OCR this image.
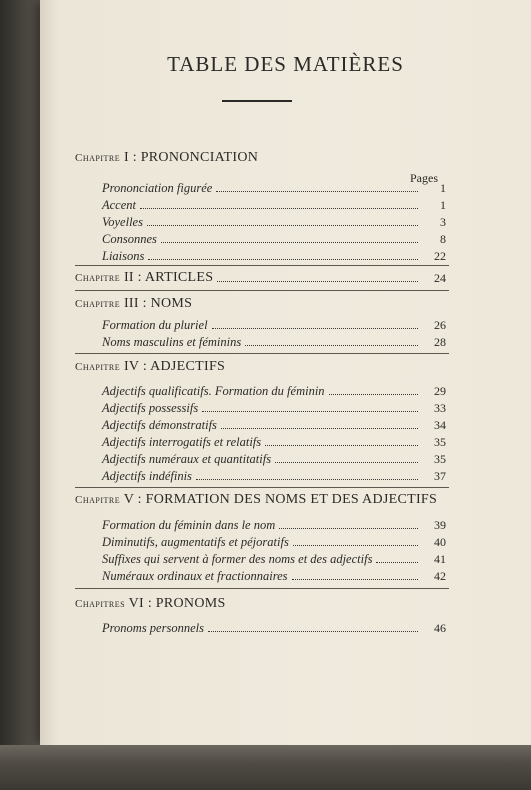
TABLE DES MATIÈRES
Chapitre I : PRONONCIATION
Pages
Prononciation figurée	1
Accent	1
Voyelles	3
Consonnes	8
Liaisons	22
Chapitre II : ARTICLES	24
Chapitre III : NOMS
Formation du pluriel	26
Noms masculins et féminins	28
Chapitre IV : ADJECTIFS
Adjectifs qualificatifs. Formation du féminin	29
Adjectifs possessifs	33
Adjectifs démonstratifs	34
Adjectifs interrogatifs et relatifs	35
Adjectifs numéraux et quantitatifs	35
Adjectifs indéfinis	37
Chapitre V : FORMATION DES NOMS ET DES ADJECTIFS
Formation du féminin dans le nom	39
Diminutifs, augmentatifs et péjoratifs	40
Suffixes qui servent à former des noms et des adjectifs	41
Numéraux ordinaux et fractionnaires	42
Chapitres VI : PRONOMS
Pronoms personnels	46
